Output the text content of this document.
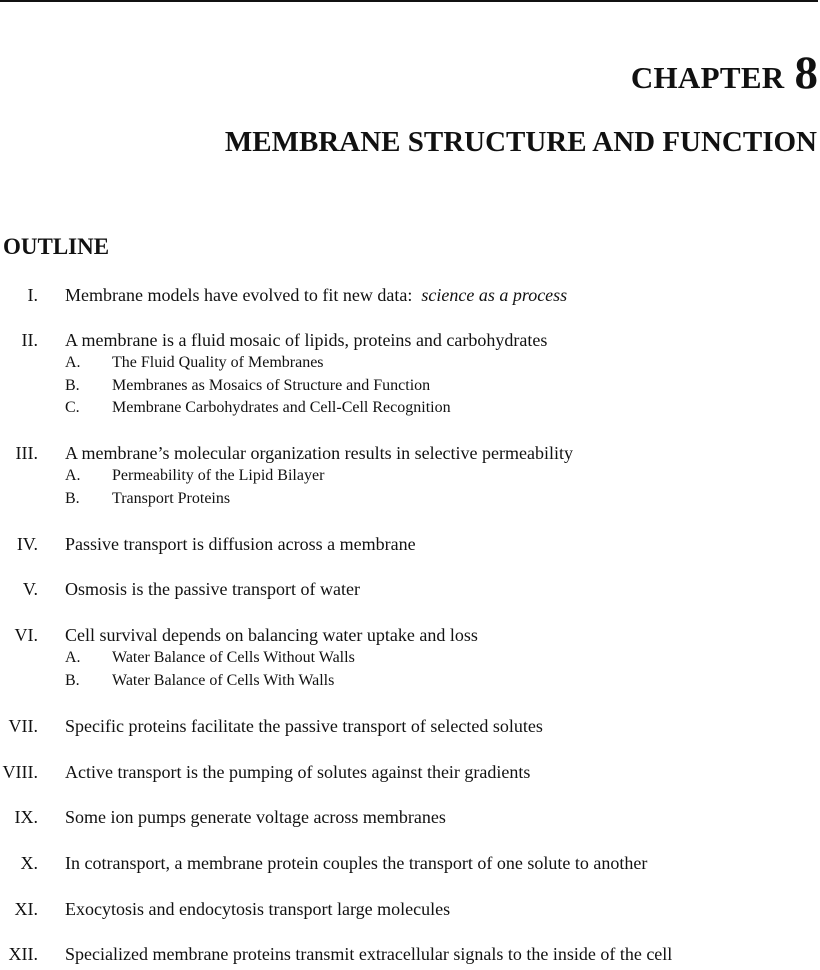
CHAPTER 8
MEMBRANE STRUCTURE AND FUNCTION
OUTLINE
I. Membrane models have evolved to fit new data: science as a process
II. A membrane is a fluid mosaic of lipids, proteins and carbohydrates
A. The Fluid Quality of Membranes
B. Membranes as Mosaics of Structure and Function
C. Membrane Carbohydrates and Cell-Cell Recognition
III. A membrane’s molecular organization results in selective permeability
A. Permeability of the Lipid Bilayer
B. Transport Proteins
IV. Passive transport is diffusion across a membrane
V. Osmosis is the passive transport of water
VI. Cell survival depends on balancing water uptake and loss
A. Water Balance of Cells Without Walls
B. Water Balance of Cells With Walls
VII. Specific proteins facilitate the passive transport of selected solutes
VIII. Active transport is the pumping of solutes against their gradients
IX. Some ion pumps generate voltage across membranes
X. In cotransport, a membrane protein couples the transport of one solute to another
XI. Exocytosis and endocytosis transport large molecules
XII. Specialized membrane proteins transmit extracellular signals to the inside of the cell
